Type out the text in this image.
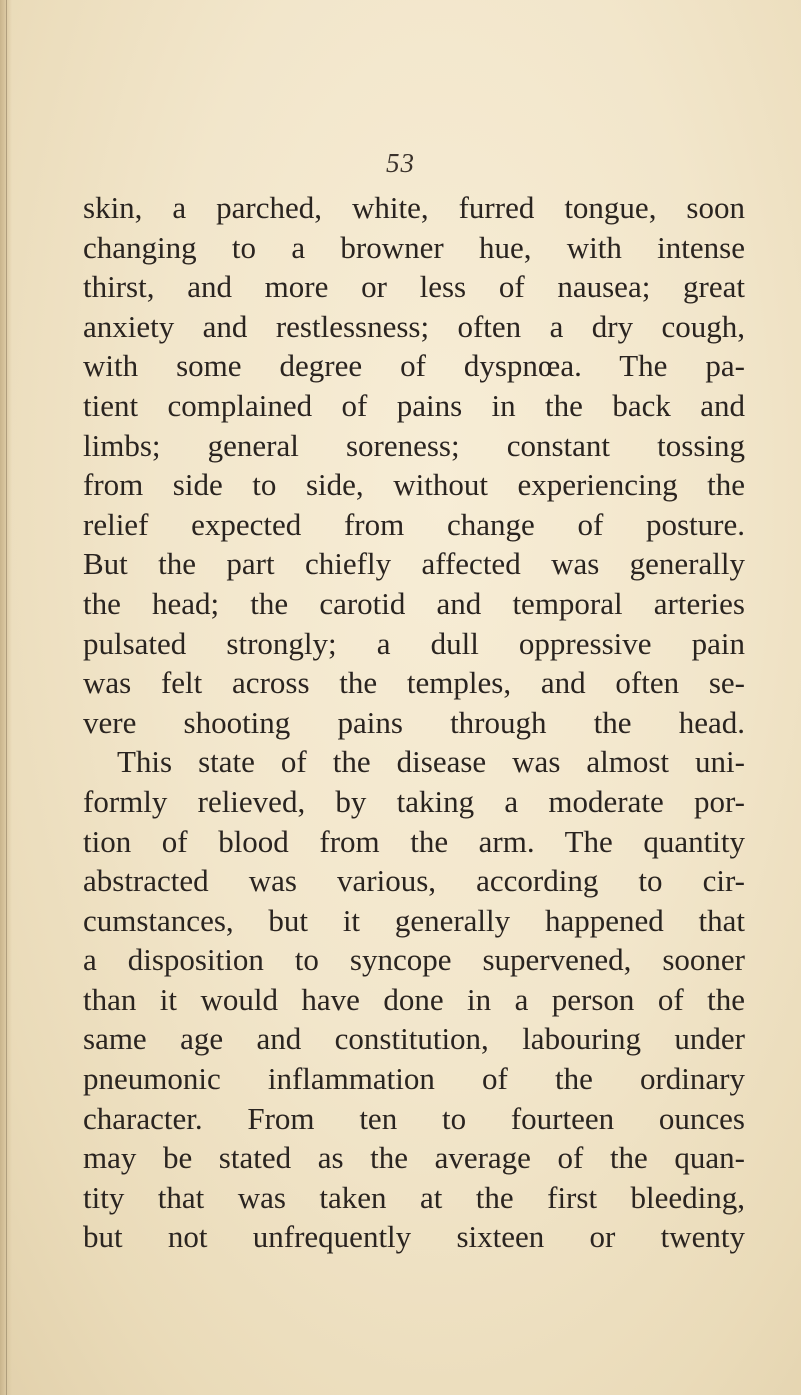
53
skin, a parched, white, furred tongue, soon
changing to a browner hue, with intense
thirst, and more or less of nausea; great
anxiety and restlessness; often a dry cough,
with some degree of dyspnœa. The pa-
tient complained of pains in the back and
limbs; general soreness; constant tossing
from side to side, without experiencing the
relief expected from change of posture.
But the part chiefly affected was generally
the head; the carotid and temporal arteries
pulsated strongly; a dull oppressive pain
was felt across the temples, and often se-
vere shooting pains through the head.
This state of the disease was almost uni-
formly relieved, by taking a moderate por-
tion of blood from the arm. The quantity
abstracted was various, according to cir-
cumstances, but it generally happened that
a disposition to syncope supervened, sooner
than it would have done in a person of the
same age and constitution, labouring under
pneumonic inflammation of the ordinary
character. From ten to fourteen ounces
may be stated as the average of the quan-
tity that was taken at the first bleeding,
but not unfrequently sixteen or twenty
